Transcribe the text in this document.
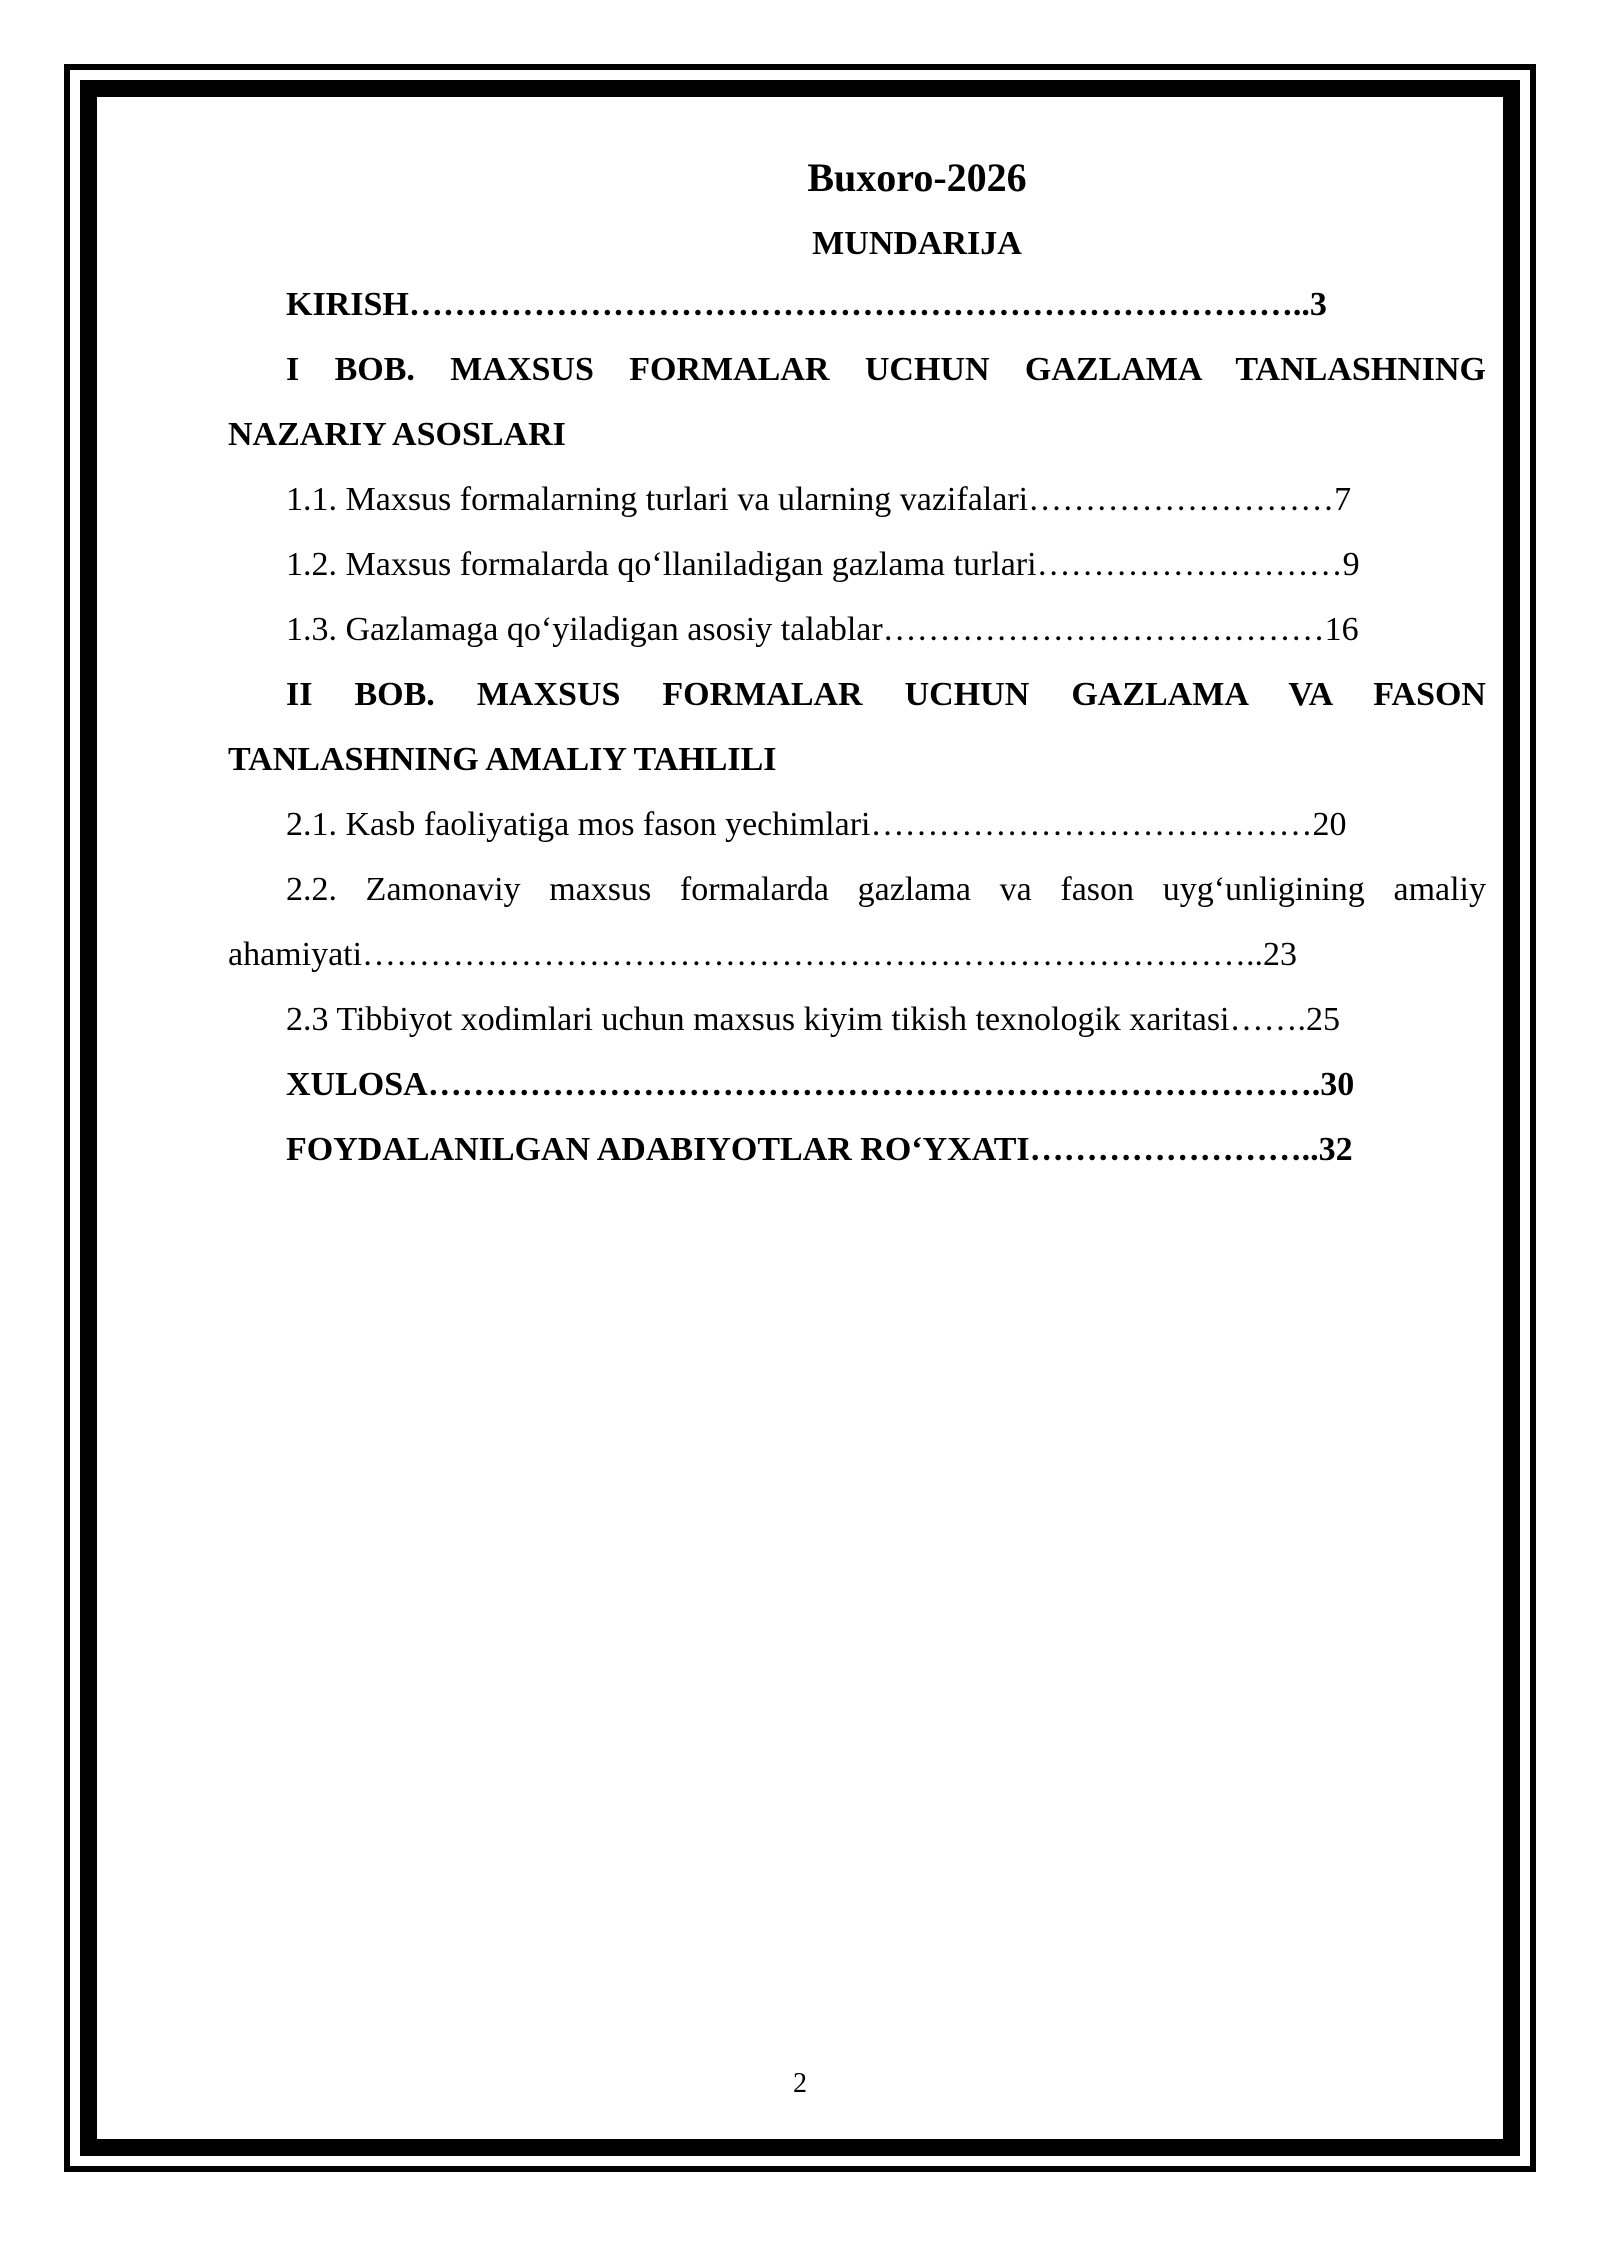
Buxoro-2026

MUNDARIJA

KIRISH……………………………………………………………………..3

I BOB. MAXSUS FORMALAR UCHUN GAZLAMA TANLASHNING

NAZARIY ASOSLARI

1.1. Maxsus formalarning turlari va ularning vazifalari………………………7

1.2. Maxsus formalarda qo‘llaniladigan gazlama turlari………………………9

1.3. Gazlamaga qo‘yiladigan asosiy talablar…………………………………16

II BOB. MAXSUS FORMALAR UCHUN GAZLAMA VA FASON

TANLASHNING AMALIY TAHLILI

2.1. Kasb faoliyatiga mos fason yechimlari…………………………………20

2.2. Zamonaviy maxsus formalarda gazlama va fason uyg‘unligining amaliy

ahamiyati……………………………………………………………………..23

2.3 Tibbiyot xodimlari uchun maxsus kiyim tikish texnologik xaritasi…….25

XULOSA…………………………………………………………………….30

FOYDALANILGAN ADABIYOTLAR RO‘YXATI……………………..32

2
